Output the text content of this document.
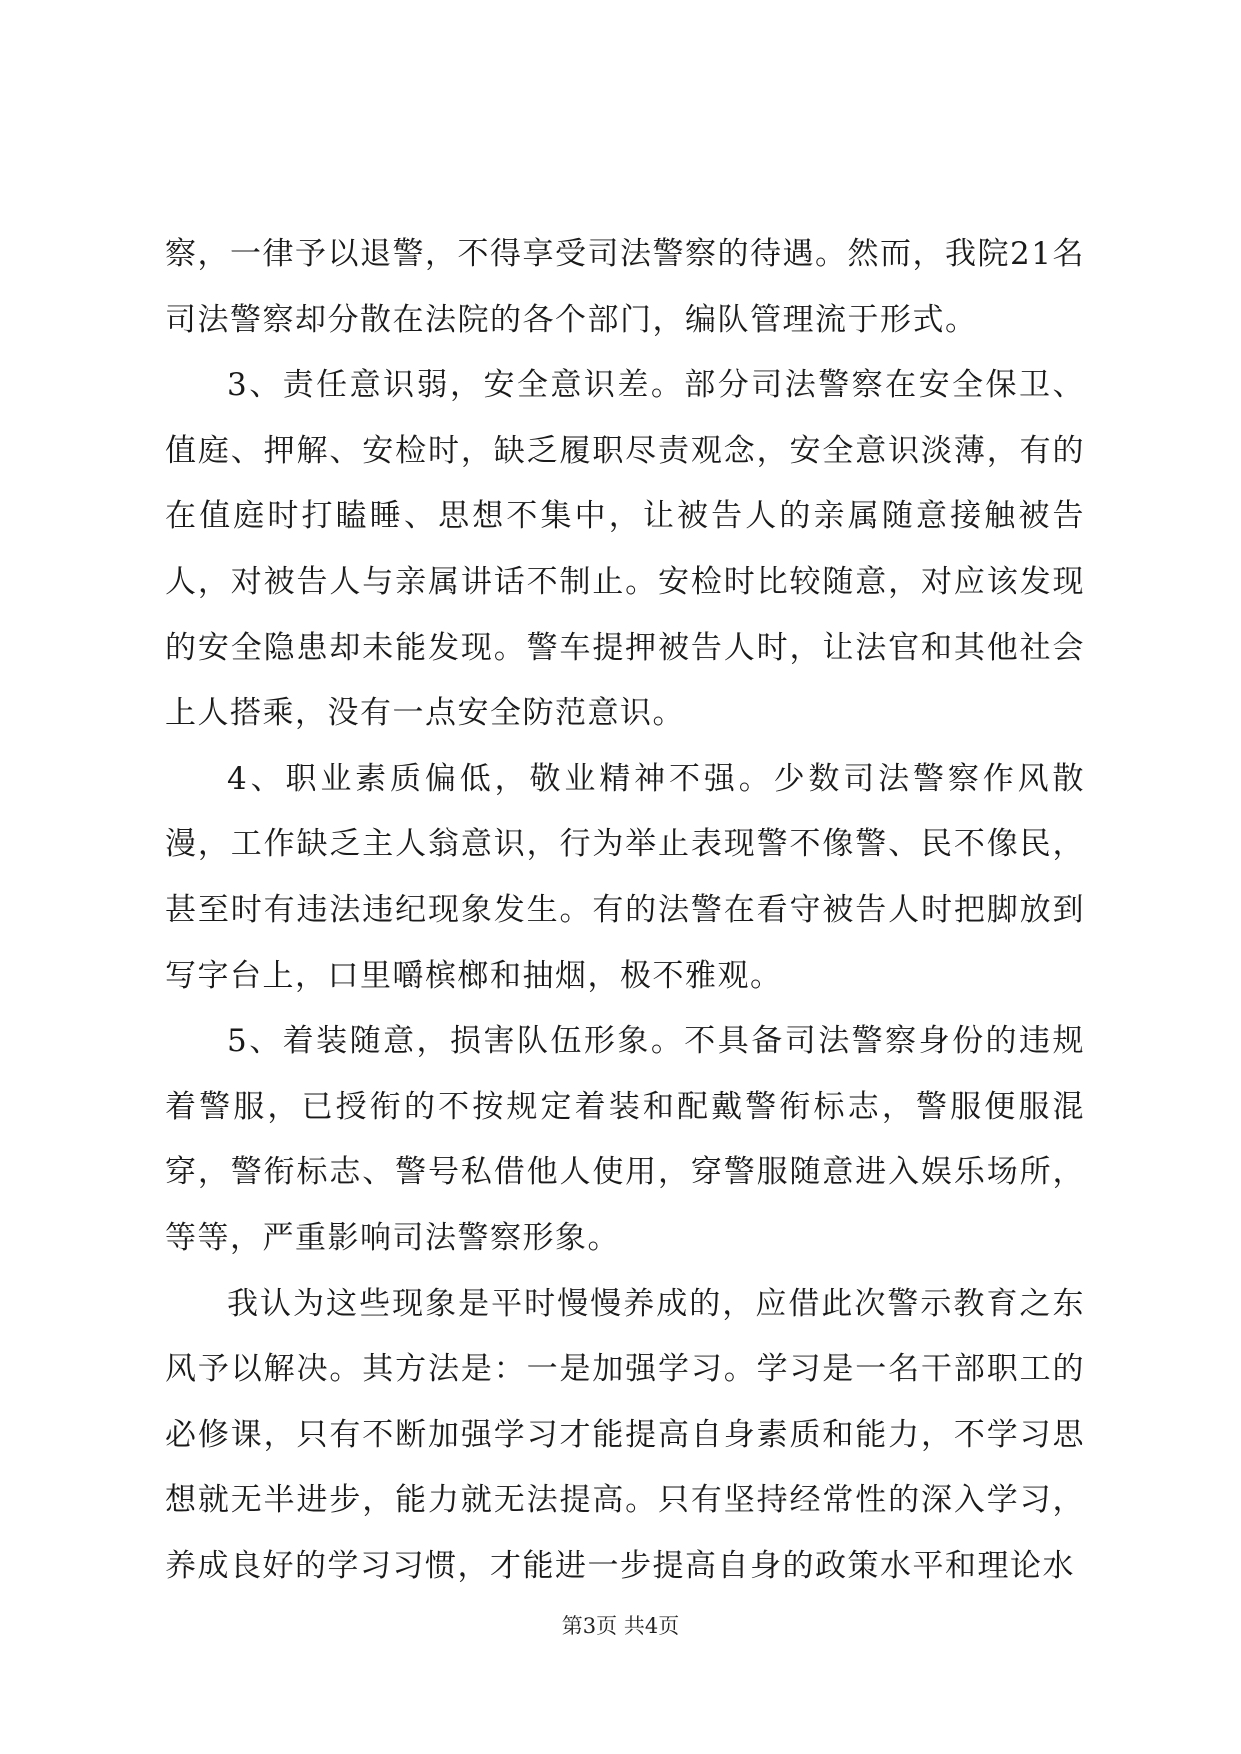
察，一律予以退警，不得享受司法警察的待遇。然而，我院21名司法警察却分散在法院的各个部门，编队管理流于形式。

3、责任意识弱，安全意识差。部分司法警察在安全保卫、值庭、押解、安检时，缺乏履职尽责观念，安全意识淡薄，有的在值庭时打瞌睡、思想不集中，让被告人的亲属随意接触被告人，对被告人与亲属讲话不制止。安检时比较随意，对应该发现的安全隐患却未能发现。警车提押被告人时，让法官和其他社会上人搭乘，没有一点安全防范意识。

4、职业素质偏低，敬业精神不强。少数司法警察作风散漫，工作缺乏主人翁意识，行为举止表现警不像警、民不像民，甚至时有违法违纪现象发生。有的法警在看守被告人时把脚放到写字台上，口里嚼槟榔和抽烟，极不雅观。

5、着装随意，损害队伍形象。不具备司法警察身份的违规着警服，已授衔的不按规定着装和配戴警衔标志，警服便服混穿，警衔标志、警号私借他人使用，穿警服随意进入娱乐场所，等等，严重影响司法警察形象。

我认为这些现象是平时慢慢养成的，应借此次警示教育之东风予以解决。其方法是：一是加强学习。学习是一名干部职工的必修课，只有不断加强学习才能提高自身素质和能力，不学习思想就无半进步，能力就无法提高。只有坚持经常性的深入学习，养成良好的学习习惯，才能进一步提高自身的政策水平和理论水

第3页 共4页
